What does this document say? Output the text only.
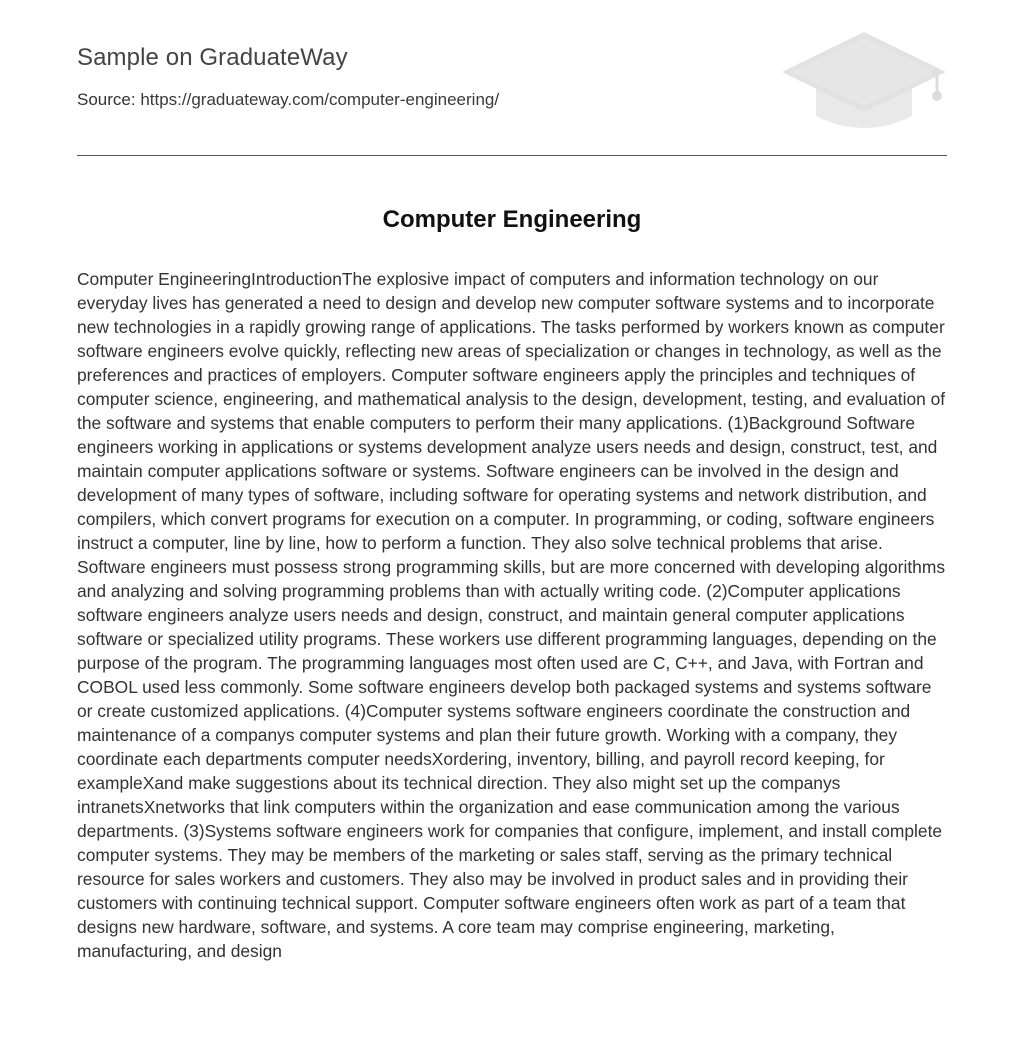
Sample on GraduateWay
Source: https://graduateway.com/computer-engineering/
Computer Engineering

Computer EngineeringIntroductionThe explosive impact of computers and information technology on our everyday lives has generated a need to design and develop new computer software systems and to incorporate new technologies in a rapidly growing range of applications. The tasks performed by workers known as computer software engineers evolve quickly, reflecting new areas of specialization or changes in technology, as well as the preferences and practices of employers. Computer software engineers apply the principles and techniques of computer science, engineering, and mathematical analysis to the design, development, testing, and evaluation of the software and systems that enable computers to perform their many applications. (1)Background Software engineers working in applications or systems development analyze users needs and design, construct, test, and maintain computer applications software or systems. Software engineers can be involved in the design and development of many types of software, including software for operating systems and network distribution, and compilers, which convert programs for execution on a computer. In programming, or coding, software engineers instruct a computer, line by line, how to perform a function. They also solve technical problems that arise. Software engineers must possess strong programming skills, but are more concerned with developing algorithms and analyzing and solving programming problems than with actually writing code. (2)Computer applications software engineers analyze users needs and design, construct, and maintain general computer applications software or specialized utility programs. These workers use different programming languages, depending on the purpose of the program. The programming languages most often used are C, C++, and Java, with Fortran and COBOL used less commonly. Some software engineers develop both packaged systems and systems software or create customized applications. (4)Computer systems software engineers coordinate the construction and maintenance of a companys computer systems and plan their future growth. Working with a company, they coordinate each departments computer needsXordering, inventory, billing, and payroll record keeping, for exampleXand make suggestions about its technical direction. They also might set up the companys intranetsXnetworks that link computers within the organization and ease communication among the various departments. (3)Systems software engineers work for companies that configure, implement, and install complete computer systems. They may be members of the marketing or sales staff, serving as the primary technical resource for sales workers and customers. They also may be involved in product sales and in providing their customers with continuing technical support. Computer software engineers often work as part of a team that designs new hardware, software, and systems. A core team may comprise engineering, marketing, manufacturing, and design
